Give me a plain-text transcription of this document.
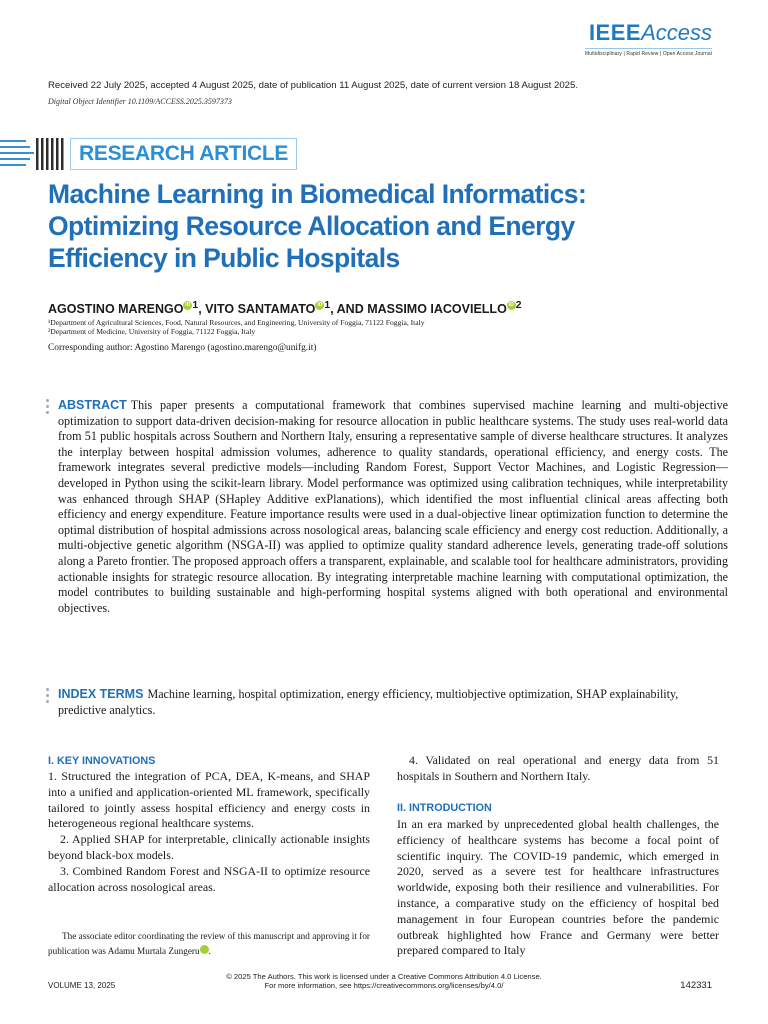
IEEEAccess
Multidisciplinary | Rapid Review | Open Access Journal
Received 22 July 2025, accepted 4 August 2025, date of publication 11 August 2025, date of current version 18 August 2025.
Digital Object Identifier 10.1109/ACCESS.2025.3597373
RESEARCH ARTICLE
Machine Learning in Biomedical Informatics: Optimizing Resource Allocation and Energy Efficiency in Public Hospitals
AGOSTINO MARENGO iD $^1$, VITO SANTAMATO iD $^1$, AND MASSIMO IACOVIELLO iD $^2$
¹Department of Agricultural Sciences, Food, Natural Resources, and Engineering, University of Foggia, 71122 Foggia, Italy
²Department of Medicine, University of Foggia, 71122 Foggia, Italy
Corresponding author: Agostino Marengo (agostino.marengo@unifg.it)
ABSTRACT This paper presents a computational framework that combines supervised machine learning and multi-objective optimization to support data-driven decision-making for resource allocation in public healthcare systems. The study uses real-world data from 51 public hospitals across Southern and Northern Italy, ensuring a representative sample of diverse healthcare structures. It analyzes the interplay between hospital admission volumes, adherence to quality standards, operational efficiency, and energy costs. The framework integrates several predictive models—including Random Forest, Support Vector Machines, and Logistic Regression—developed in Python using the scikit-learn library. Model performance was optimized using calibration techniques, while interpretability was enhanced through SHAP (SHapley Additive exPlanations), which identified the most influential clinical areas affecting both efficiency and energy expenditure. Feature importance results were used in a dual-objective linear optimization function to determine the optimal distribution of hospital admissions across nosological areas, balancing scale efficiency and energy cost reduction. Additionally, a multi-objective genetic algorithm (NSGA-II) was applied to optimize quality standard adherence levels, generating trade-off solutions along a Pareto frontier. The proposed approach offers a transparent, explainable, and scalable tool for healthcare administrators, providing actionable insights for strategic resource allocation. By integrating interpretable machine learning with computational optimization, the model contributes to building sustainable and high-performing hospital systems aligned with both operational and environmental objectives.
INDEX TERMS Machine learning, hospital optimization, energy efficiency, multiobjective optimization, SHAP explainability, predictive analytics.
I. KEY INNOVATIONS

1. Structured the integration of PCA, DEA, K-means, and SHAP into a unified and application-oriented ML framework, specifically tailored to jointly assess hospital efficiency and energy costs in heterogeneous regional healthcare systems.

2. Applied SHAP for interpretable, clinically actionable insights beyond black-box models.

3. Combined Random Forest and NSGA-II to optimize resource allocation across nosological areas.

The associate editor coordinating the review of this manuscript and approving it for publication was Adamu Murtala Zungeru	iD.

4. Validated on real operational and energy data from 51 hospitals in Southern and Northern Italy.

II. INTRODUCTION
In an era marked by unprecedented global health challenges, the efficiency of healthcare systems has become a focal point of scientific inquiry. The COVID-19 pandemic, which emerged in 2020, served as a severe test for healthcare infrastructures worldwide, exposing both their resilience and vulnerabilities. For instance, a comparative study on the efficiency of hospital bed management in four European countries before the pandemic outbreak highlighted how France and Germany were better prepared compared to Italy
© 2025 The Authors. This work is licensed under a Creative Commons Attribution 4.0 License.
For more information, see https://creativecommons.org/licenses/by/4.0/
VOLUME 13, 2025	142331
